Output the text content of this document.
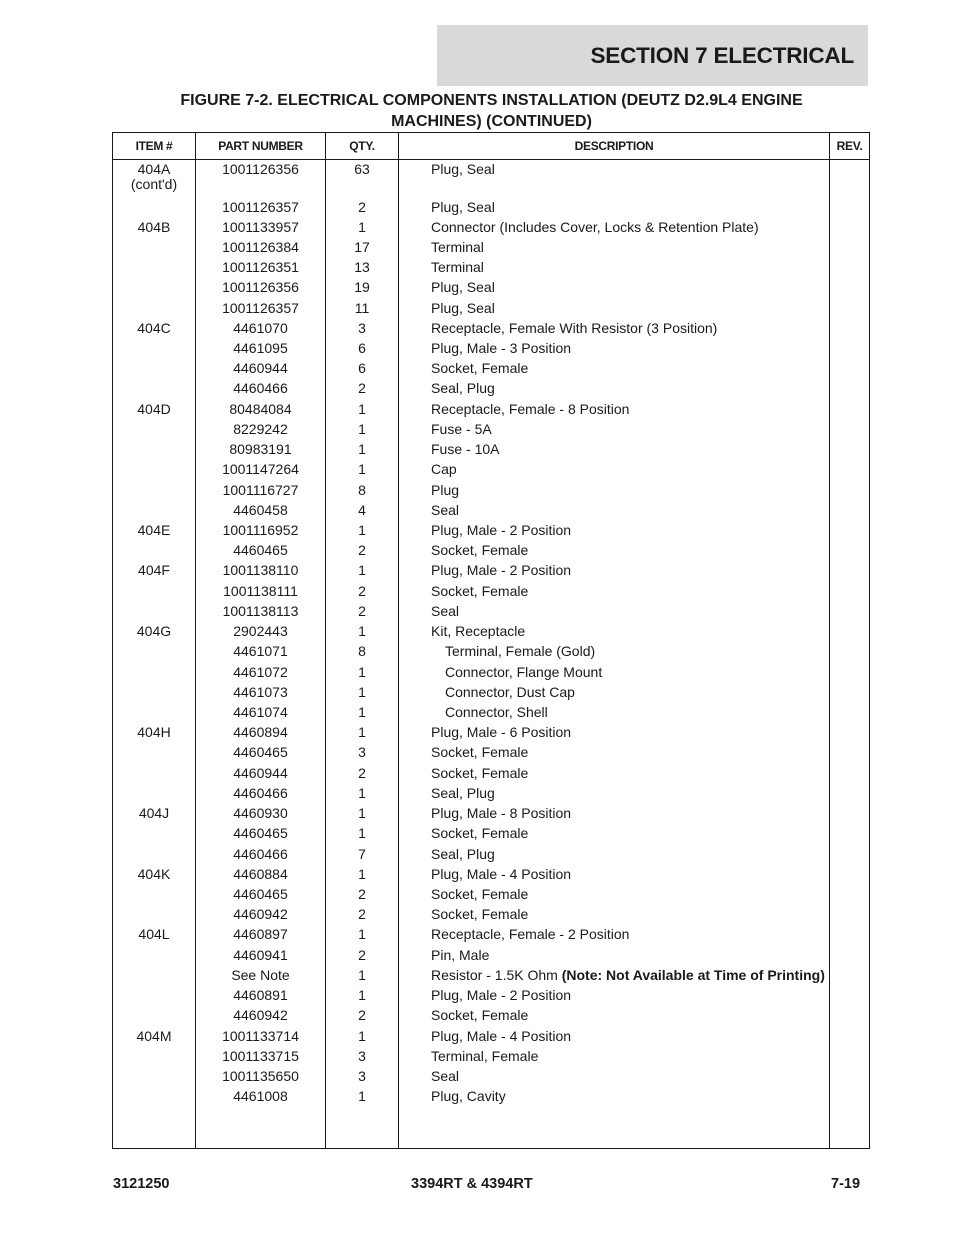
SECTION 7 ELECTRICAL
FIGURE 7-2. ELECTRICAL COMPONENTS INSTALLATION (DEUTZ D2.9L4 ENGINE
MACHINES) (CONTINUED)
ITEM #	PART NUMBER	QTY.	DESCRIPTION	REV.
(cont'd)
404A	1001126356	63	Plug, Seal
1001126357	2	Plug, Seal
404B	1001133957	1	Connector (Includes Cover, Locks & Retention Plate)
1001126384	17	Terminal
1001126351	13	Terminal
1001126356	19	Plug, Seal
1001126357	11	Plug, Seal
404C	4461070	3	Receptacle, Female With Resistor (3 Position)
4461095	6	Plug, Male - 3 Position
4460944	6	Socket, Female
4460466	2	Seal, Plug
404D	80484084	1	Receptacle, Female - 8 Position
8229242	1	Fuse - 5A
80983191	1	Fuse - 10A
1001147264	1	Cap
1001116727	8	Plug
4460458	4	Seal
404E	1001116952	1	Plug, Male - 2 Position
4460465	2	Socket, Female
404F	1001138110	1	Plug, Male - 2 Position
1001138111	2	Socket, Female
1001138113	2	Seal
404G	2902443	1	Kit, Receptacle
4461071	8	Terminal, Female (Gold)
4461072	1	Connector, Flange Mount
4461073	1	Connector, Dust Cap
4461074	1	Connector, Shell
404H	4460894	1	Plug, Male - 6 Position
4460465	3	Socket, Female
4460944	2	Socket, Female
4460466	1	Seal, Plug
404J	4460930	1	Plug, Male - 8 Position
4460465	1	Socket, Female
4460466	7	Seal, Plug
404K	4460884	1	Plug, Male - 4 Position
4460465	2	Socket, Female
4460942	2	Socket, Female
404L	4460897	1	Receptacle, Female - 2 Position
4460941	2	Pin, Male
See Note	1	Resistor - 1.5K Ohm (Note: Not Available at Time of Printing)
4460891	1	Plug, Male - 2 Position
4460942	2	Socket, Female
404M	1001133714	1	Plug, Male - 4 Position
1001133715	3	Terminal, Female
1001135650	3	Seal
4461008	1	Plug, Cavity
3121250	3394RT & 4394RT	7-19
